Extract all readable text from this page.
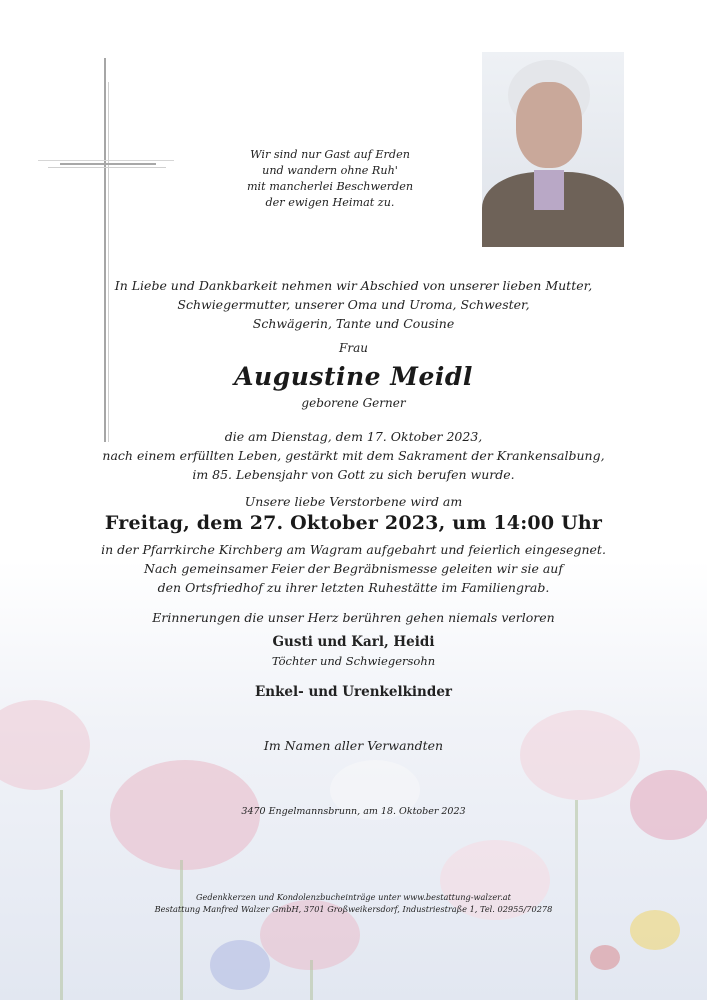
Wir sind nur Gast auf Erden
und wandern ohne Ruh'
mit mancherlei Beschwerden
der ewigen Heimat zu.
In Liebe und Dankbarkeit nehmen wir Abschied von unserer lieben Mutter,
Schwiegermutter, unserer Oma und Uroma, Schwester,
Schwägerin, Tante und Cousine
Frau
Augustine Meidl
geborene Gerner
die am Dienstag, dem 17. Oktober 2023,
nach einem erfüllten Leben, gestärkt mit dem Sakrament der Krankensalbung,
im 85. Lebensjahr von Gott zu sich berufen wurde.
Unsere liebe Verstorbene wird am
Freitag, dem 27. Oktober 2023, um 14:00 Uhr
in der Pfarrkirche Kirchberg am Wagram aufgebahrt und feierlich eingesegnet.
Nach gemeinsamer Feier der Begräbnismesse geleiten wir sie auf
den Ortsfriedhof zu ihrer letzten Ruhestätte im Familiengrab.
Erinnerungen die unser Herz berühren gehen niemals verloren
Gusti und Karl, Heidi
Töchter und Schwiegersohn
Enkel- und Urenkelkinder
Im Namen aller Verwandten
3470 Engelmannsbrunn, am 18. Oktober 2023
Gedenkkerzen und Kondolenzbucheinträge unter www.bestattung-walzer.at
Bestattung Manfred Walzer GmbH, 3701 Großweikersdorf, Industriestraße 1, Tel. 02955/70278
